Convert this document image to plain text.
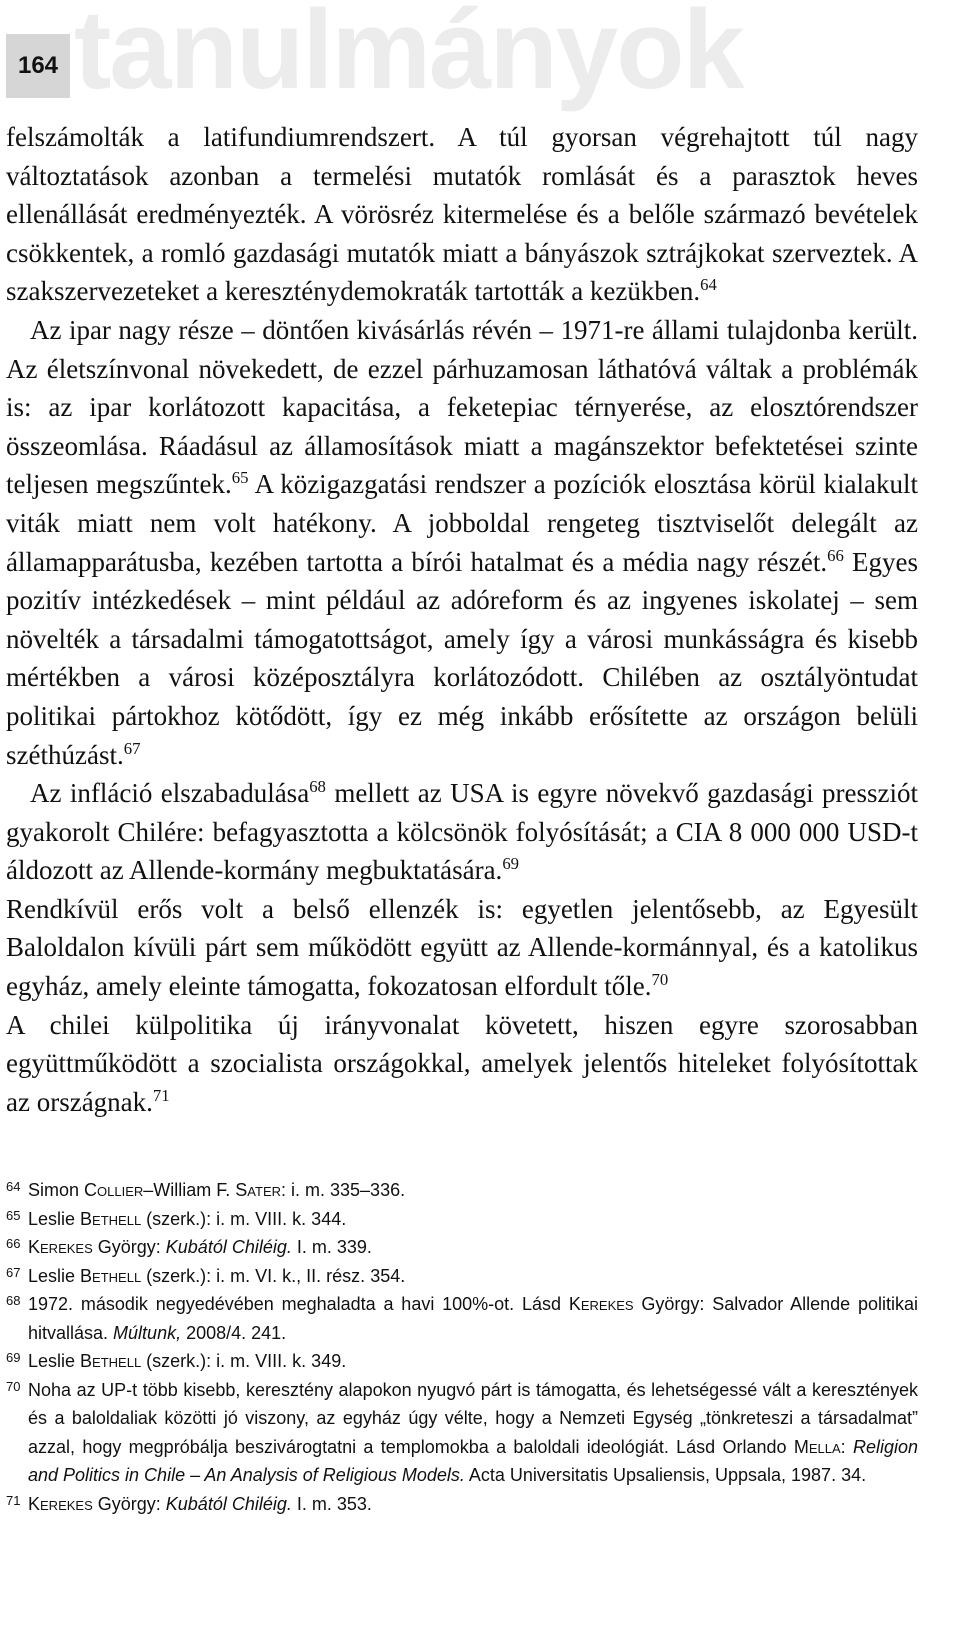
164 tanulmányok

felszámolták a latifundiumrendszert. A túl gyorsan végrehajtott túl nagy változtatások azonban a termelési mutatók romlását és a parasztok heves ellenállását eredményezték. A vörösréz kitermelése és a belőle származó bevételek csökkentek, a romló gazdasági mutatók miatt a bányászok sztrájkokat szerveztek. A szakszervezeteket a kereszténydemokraták tartották a kezükben.$^{64}$

Az ipar nagy része – döntően kivásárlás révén – 1971-re állami tulajdonba került. Az életszínvonal növekedett, de ezzel párhuzamosan láthatóvá váltak a problémák is: az ipar korlátozott kapacitása, a feketepiac térnyerése, az elosztórendszer összeomlása. Ráadásul az államosítások miatt a magánszektor befektetései szinte teljesen megszűntek.$^{65}$ A közigazgatási rendszer a pozíciók elosztása körül kialakult viták miatt nem volt hatékony. A jobboldal rengeteg tisztviselőt delegált az államapparátusba, kezében tartotta a bírói hatalmat és a média nagy részét.$^{66}$ Egyes pozitív intézkedések – mint például az adóreform és az ingyenes iskolatej – sem növelték a társadalmi támogatottságot, amely így a városi munkásságra és kisebb mértékben a városi középosztályra korlátozódott. Chilében az osztályöntudat politikai pártokhoz kötődött, így ez még inkább erősítette az országon belüli széthúzást.$^{67}$

Az infláció elszabadulása$^{68}$ mellett az USA is egyre növekvő gazdasági pressziót gyakorolt Chilére: befagyasztotta a kölcsönök folyósítását; a CIA 8 000 000 USD-t áldozott az Allende-kormány megbuktatására.$^{69}$

Rendkívül erős volt a belső ellenzék is: egyetlen jelentősebb, az Egyesült Baloldalon kívüli párt sem működött együtt az Allende-kormánnyal, és a katolikus egyház, amely eleinte támogatta, fokozatosan elfordult tőle.$^{70}$

A chilei külpolitika új irányvonalat követett, hiszen egyre szorosabban együttműködött a szocialista országokkal, amelyek jelentős hiteleket folyósítottak az országnak.$^{71}$

64 Simon Collier–William F. Sater: i. m. 335–336.
65 Leslie Bethell (szerk.): i. m. VIII. k. 344.
66 Kerekes György: Kubától Chiléig. I. m. 339.
67 Leslie Bethell (szerk.): i. m. VI. k., II. rész. 354.
68 1972. második negyedévében meghaladta a havi 100%-ot. Lásd Kerekes György: Salvador Allende politikai hitvallása. Múltunk, 2008/4. 241.
69 Leslie Bethell (szerk.): i. m. VIII. k. 349.
70 Noha az UP-t több kisebb, keresztény alapokon nyugvó párt is támogatta, és lehetségessé vált a keresztények és a baloldaliak közötti jó viszony, az egyház úgy vélte, hogy a Nemzeti Egység „tönkreteszi a társadalmat” azzal, hogy megpróbálja beszivárogtatni a templomokba a baloldali ideológiát. Lásd Orlando Mella: Religion and Politics in Chile – An Analysis of Religious Models. Acta Universitatis Upsaliensis, Uppsala, 1987. 34.
71 Kerekes György: Kubától Chiléig. I. m. 353.
